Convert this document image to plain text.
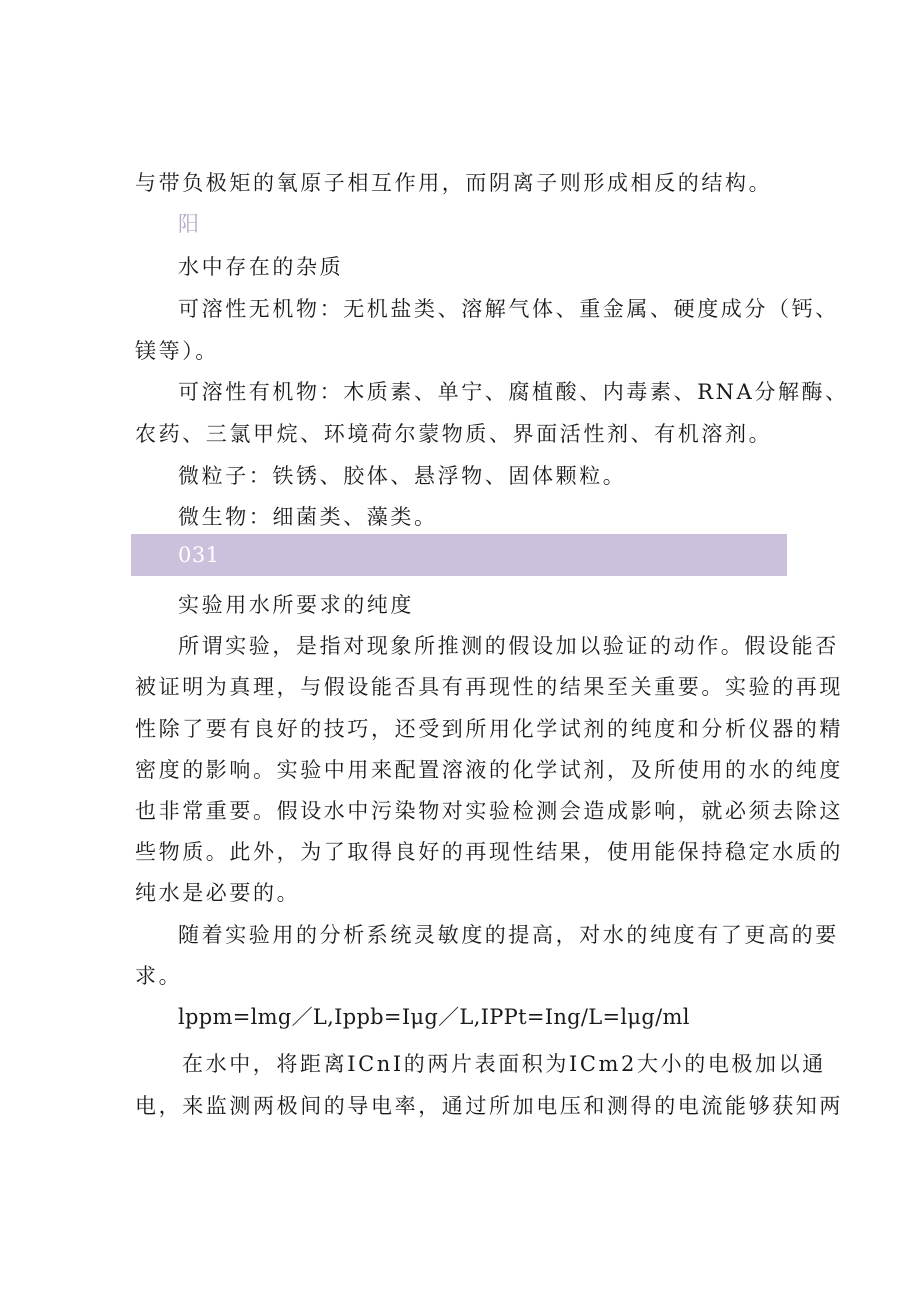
与带负极矩的氧原子相互作用，而阴离子则形成相反的结构。
阳
水中存在的杂质
可溶性无机物：无机盐类、溶解气体、重金属、硬度成分（钙、
镁等）。
可溶性有机物：木质素、单宁、腐植酸、内毒素、RNA分解酶、
农药、三氯甲烷、环境荷尔蒙物质、界面活性剂、有机溶剂。
微粒子：铁锈、胶体、悬浮物、固体颗粒。
微生物：细菌类、藻类。
031
实验用水所要求的纯度
所谓实验，是指对现象所推测的假设加以验证的动作。假设能否
被证明为真理，与假设能否具有再现性的结果至关重要。实验的再现
性除了要有良好的技巧，还受到所用化学试剂的纯度和分析仪器的精
密度的影响。实验中用来配置溶液的化学试剂，及所使用的水的纯度
也非常重要。假设水中污染物对实验检测会造成影响，就必须去除这
些物质。此外，为了取得良好的再现性结果，使用能保持稳定水质的
纯水是必要的。
随着实验用的分析系统灵敏度的提高，对水的纯度有了更高的要
求。
lppm=lmg／L,Ippb=Iμg／L,IPPt=Ing/L=lμg/ml
在水中，将距离ICnI的两片表面积为ICm2大小的电极加以通
电，来监测两极间的导电率，通过所加电压和测得的电流能够获知两
